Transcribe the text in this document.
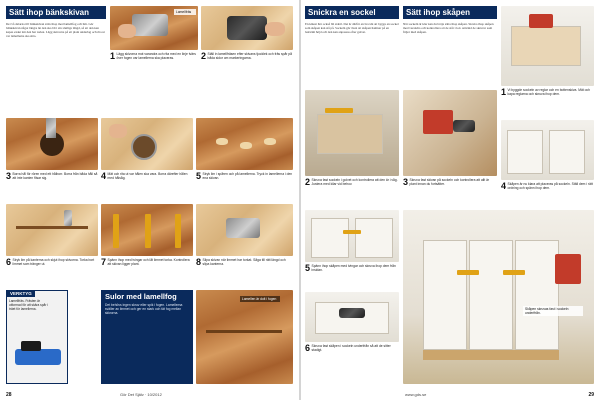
Sätt ihop bänkskivan
De två delarna till bänkskivan sätts ihop med lamellfog och lim. Gör bänkskivan något längre än den ska bli i sin slutliga längd, så att den kan kapas exakt när den har torkat. Lägg skivorna på ett plant underlag och rita ut var lamellerna ska sitta.
Lamellfräs
1 Lägg skivorna mot varandra och rita med en linje tvärs över fogen var lamellerna ska placeras.	2 Ställ in lamellfräsen efter skivans tjocklek och fräs spår på båda sidor om markeringarna.
3 Borra hål för rören med ett hålborr. Borra från båda håll så att inte kanten flisar sig.	4 Mät och rita ut var hålen ska vara. Borra därefter hålen med hålsåg.	5 Stryk lim i spåren och på lamellerna. Tryck in lamellerna i den ena skivan.
6 Stryk lim på kanterna och skjut ihop skivorna. Torka bort limmet som tränger ut.	7 Spänn ihop med tvingar och låt limmet torka. Kontrollera att skivan ligger plant.	8 Slipa skivan när limmet har torkat. Såga till rätt längd och slipa kanterna.
VERKTYG
Lamellfräs. Frästen är utformad för att skära spår i träet för lamellerna.
Sulor med lamellfog
Det behövs ingen skruv eller spik i fogen. Lamellerna sväller av limmet och ger en stark och tät fog mellan skivorna.
Lamellen är dolt i fogen
28	Gör Det Själv · 10/2012
Snickra en sockel
En köksö hör också bli stabil. Det är därför en bra idé att bygga en sockel som skåpen kan stå på. Sockeln gör även att skåpen hamnar på en bekväm höjd och den kan anpassas efter golvet.
Sätt ihop skåpen
När sockeln är klar kan du börja sätta ihop skåpen. Skruva ihop skåpen med varandra och kontrollera att de står i lod. Använd de skruvar som följer med skåpen.
1 Vi byggde sockeln av reglar och en bottenskiva. Mät och kapa reglarna och skruva ihop dem.
2 Skruva fast sockeln i golvet och kontrollera att den är i våg. Justera med kilar vid behov.	3 Skruva fast skivan på sockeln och kontrollera att allt är plant innan du fortsätter.	4 Skåpen är nu klara att placeras på sockeln. Ställ dem i rätt ordning och spänn ihop dem.
5 Spänn ihop skåpen med tvingar och skruva ihop dem från insidan.
6 Skruva fast skåpen i sockeln underifrån så att de sitter stadigt.
Skåpen skruvas fast i sockeln underifrån.
www.gds.se	29
